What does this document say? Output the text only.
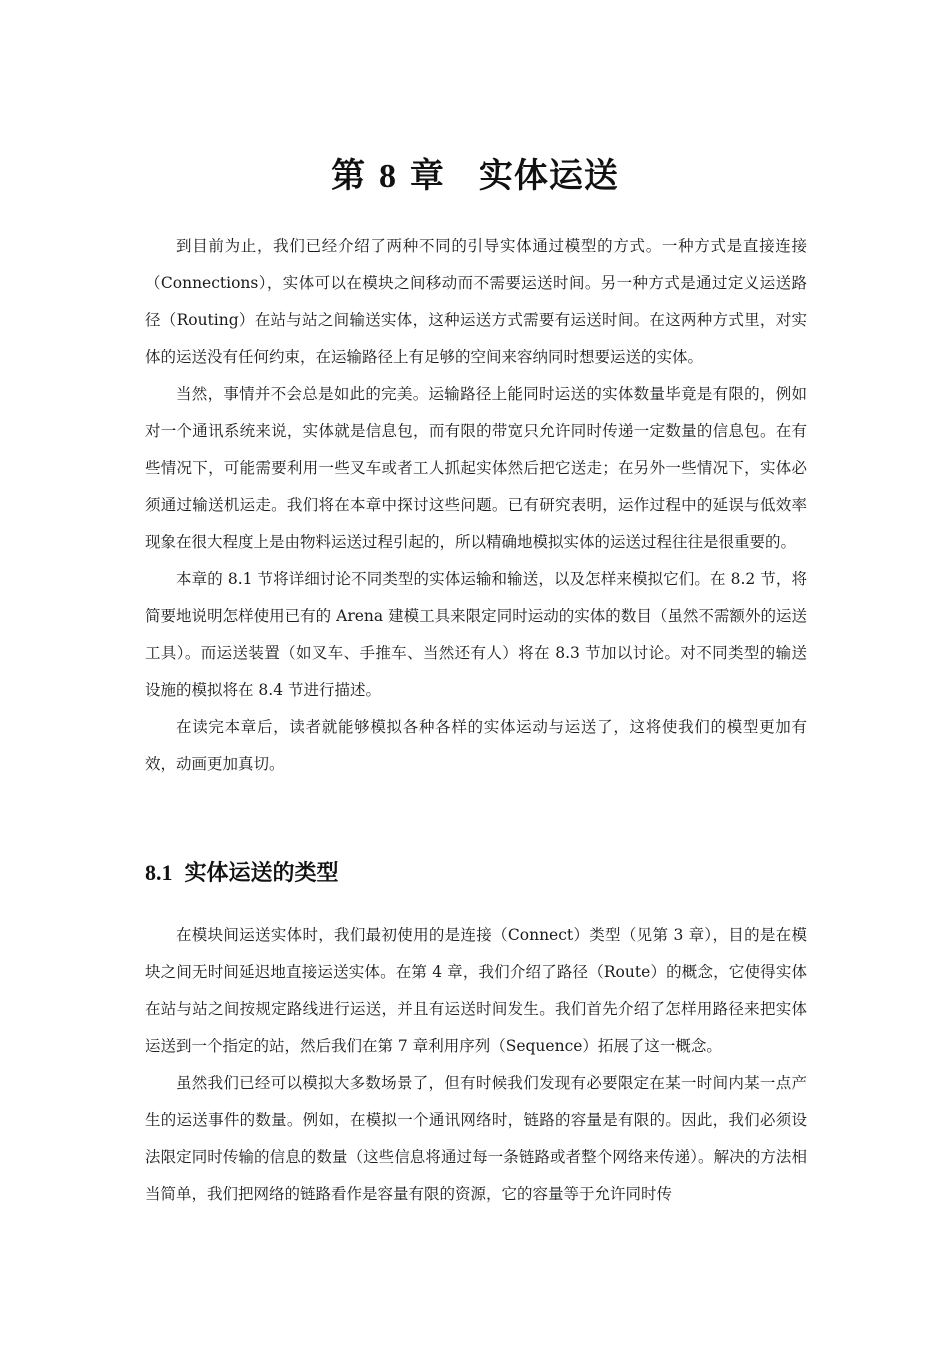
第 8 章 实体运送

到目前为止，我们已经介绍了两种不同的引导实体通过模型的方式。一种方式是直接连接（Connections），实体可以在模块之间移动而不需要运送时间。另一种方式是通过定义运送路径（Routing）在站与站之间输送实体，这种运送方式需要有运送时间。在这两种方式里，对实体的运送没有任何约束，在运输路径上有足够的空间来容纳同时想要运送的实体。

当然，事情并不会总是如此的完美。运输路径上能同时运送的实体数量毕竟是有限的，例如对一个通讯系统来说，实体就是信息包，而有限的带宽只允许同时传递一定数量的信息包。在有些情况下，可能需要利用一些叉车或者工人抓起实体然后把它送走；在另外一些情况下，实体必须通过输送机运走。我们将在本章中探讨这些问题。已有研究表明，运作过程中的延误与低效率现象在很大程度上是由物料运送过程引起的，所以精确地模拟实体的运送过程往往是很重要的。

本章的 8.1 节将详细讨论不同类型的实体运输和输送，以及怎样来模拟它们。在 8.2 节，将简要地说明怎样使用已有的 Arena 建模工具来限定同时运动的实体的数目（虽然不需额外的运送工具）。而运送装置（如叉车、手推车、当然还有人）将在 8.3 节加以讨论。对不同类型的输送设施的模拟将在 8.4 节进行描述。

在读完本章后，读者就能够模拟各种各样的实体运动与运送了，这将使我们的模型更加有效，动画更加真切。

8.1 实体运送的类型

在模块间运送实体时，我们最初使用的是连接（Connect）类型（见第 3 章），目的是在模块之间无时间延迟地直接运送实体。在第 4 章，我们介绍了路径（Route）的概念，它使得实体在站与站之间按规定路线进行运送，并且有运送时间发生。我们首先介绍了怎样用路径来把实体运送到一个指定的站，然后我们在第 7 章利用序列（Sequence）拓展了这一概念。

虽然我们已经可以模拟大多数场景了，但有时候我们发现有必要限定在某一时间内某一点产生的运送事件的数量。例如，在模拟一个通讯网络时，链路的容量是有限的。因此，我们必须设法限定同时传输的信息的数量（这些信息将通过每一条链路或者整个网络来传递）。解决的方法相当简单，我们把网络的链路看作是容量有限的资源，它的容量等于允许同时传
